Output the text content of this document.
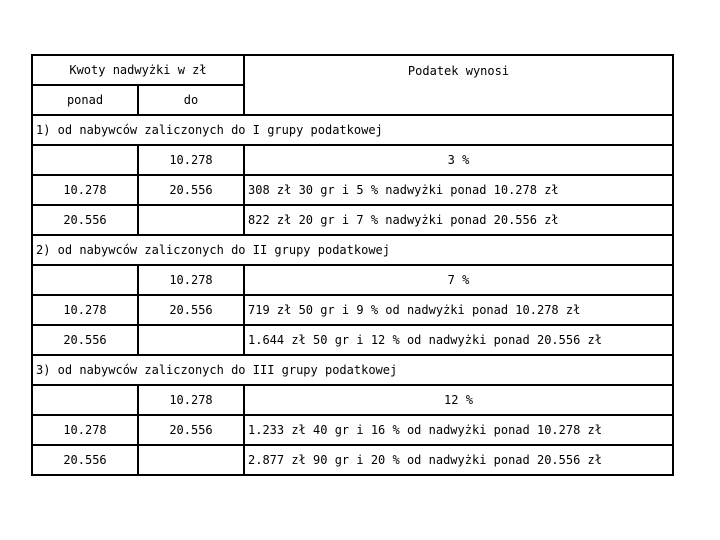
Kwoty nadwyżki w zł		Podatek wynosi
ponad	do	
1) od nabywców zaliczonych do I grupy podatkowej		
	10.278	3 %
10.278	20.556	308 zł 30 gr i 5 % nadwyżki ponad 10.278 zł
20.556		822 zł 20 gr i 7 % nadwyżki ponad 20.556 zł
2) od nabywców zaliczonych do II grupy podatkowej		
	10.278	7 %
10.278	20.556	719 zł 50 gr i 9 % od nadwyżki ponad 10.278 zł
20.556		1.644 zł 50 gr i 12 % od nadwyżki ponad 20.556 zł
3) od nabywców zaliczonych do III grupy podatkowej		
	10.278	12 %
10.278	20.556	1.233 zł 40 gr i 16 % od nadwyżki ponad 10.278 zł
20.556		2.877 zł 90 gr i 20 % od nadwyżki ponad 20.556 zł
